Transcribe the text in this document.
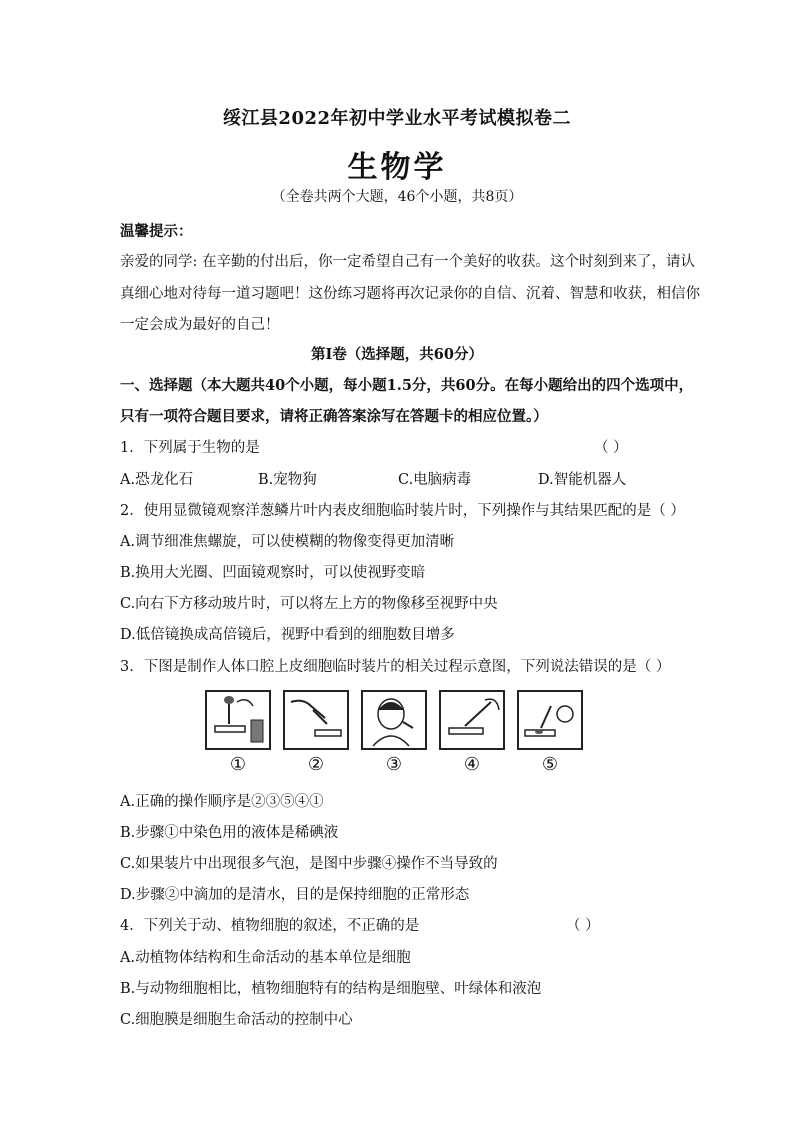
绥江县2022年初中学业水平考试模拟卷二
生物学
（全卷共两个大题，46个小题，共8页）
温馨提示：
亲爱的同学: 在辛勤的付出后，你一定希望自己有一个美好的收获。这个时刻到来了，请认
真细心地对待每一道习题吧！这份练习题将再次记录你的自信、沉着、智慧和收获，相信你
一定会成为最好的自己！
第Ⅰ卷（选择题，共60分）
一、选择题（本大题共40个小题，每小题1.5分，共60分。在每小题给出的四个选项中，
只有一项符合题目要求，请将正确答案涂写在答题卡的相应位置。）
1．下列属于生物的是	（ ）
A.恐龙化石	B.宠物狗	C.电脑病毒	D.智能机器人
2．使用显微镜观察洋葱鳞片叶内表皮细胞临时装片时，下列操作与其结果匹配的是（ ）
A.调节细准焦螺旋，可以使模糊的物像变得更加清晰
B.换用大光圈、凹面镜观察时，可以使视野变暗
C.向右下方移动玻片时，可以将左上方的物像移至视野中央
D.低倍镜换成高倍镜后，视野中看到的细胞数目增多
3．下图是制作人体口腔上皮细胞临时装片的相关过程示意图，下列说法错误的是（ ）
①	②	③	④	⑤
A.正确的操作顺序是②③⑤④①
B.步骤①中染色用的液体是稀碘液
C.如果装片中出现很多气泡，是图中步骤④操作不当导致的
D.步骤②中滴加的是清水，目的是保持细胞的正常形态
4．下列关于动、植物细胞的叙述，不正确的是	（ ）
A.动植物体结构和生命活动的基本单位是细胞
B.与动物细胞相比，植物细胞特有的结构是细胞壁、叶绿体和液泡
C.细胞膜是细胞生命活动的控制中心
